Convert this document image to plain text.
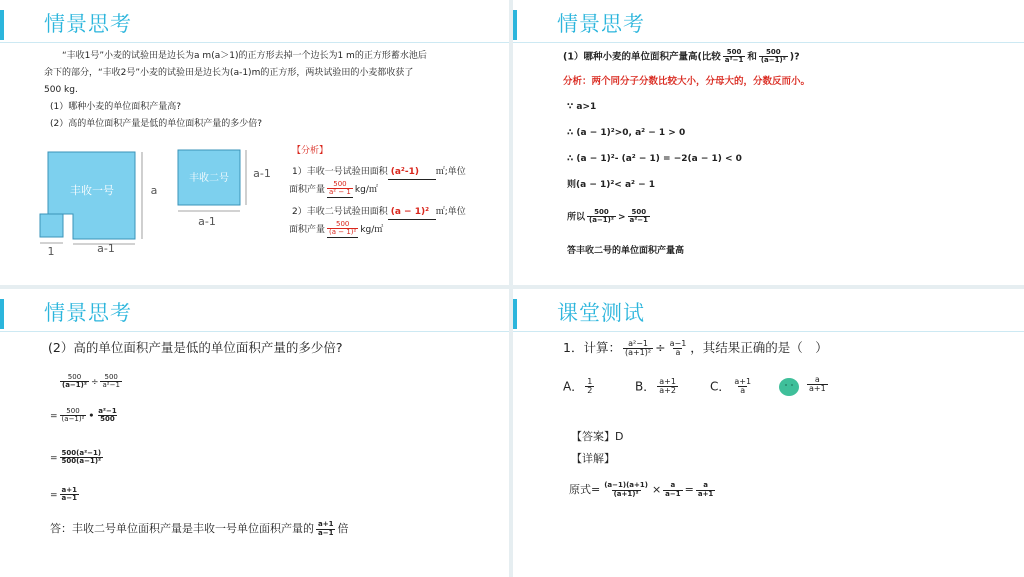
情景思考
“丰收1号”小麦的试验田是边长为a m(a＞1)的正方形去掉一个边长为1 m的正方形蓄水池后
余下的部分，“丰收2号”小麦的试验田是边长为(a-1)m的正方形，两块试验田的小麦都收获了
500 kg.
(1）哪种小麦的单位面积产量高?
(2）高的单位面积产量是低的单位面积产量的多少倍?
丰收一号	a
a-1
1
丰收二号 a-1
a-1
【分析】
1）丰收一号试验田面积 (a²-1) ㎡;单位
面积产量 $\frac{500}{\text{a² − 1}}$ kg/㎡
2）丰收二号试验田面积 (a − 1)² ㎡;单位
面积产量 $\frac{500}{\text{(a − 1)²}}$ kg/㎡
情景思考
(1）哪种小麦的单位面积产量高(比较 $\frac{500}{\text{a²−1}}$ 和 $\frac{500}{\text{(a−1)²}}$ )?
分析：两个同分子分数比较大小，分母大的，分数反而小。
∵ a>1
∴ (a − 1)²>0, a² − 1 > 0
∴ (a − 1)²- (a² − 1) = −2(a − 1) < 0
则(a − 1)²< a² − 1
所以 $\frac{500}{\text{(a−1)²}} > \frac{500}{\text{a²−1}}$
答丰收二号的单位面积产量高
情景思考
(2）高的单位面积产量是低的单位面积产量的多少倍?
$\frac{500}{\text{(a−1)²}} \div \frac{500}{\text{a²−1}}$
= $\frac{500}{\text{(a−1)²}}$ • $\frac{\text{a²−1}}{500}$
= $\frac{\text{500(a²−1)}}{\text{500(a−1)²}}$
= $\frac{a+1}{a-1}$
答：丰收二号单位面积产量是丰收一号单位面积产量的 $\frac{a+1}{a-1}$ 倍
课堂测试
1．计算： $\frac{\text{a²−1}}{\text{(a+1)²}} \div \frac{a-1}{a}$ ，其结果正确的是（　）
A． $\frac{1}{2}$	B． $\frac{a+1}{a+2}$	C． $\frac{a+1}{a}$	$\frac{a}{a+1}$
【答案】D
【详解】
原式= $\frac{(a-1)(a+1)}{\text{(a+1)²}} \times \frac{a}{a-1} = \frac{a}{a+1}$
